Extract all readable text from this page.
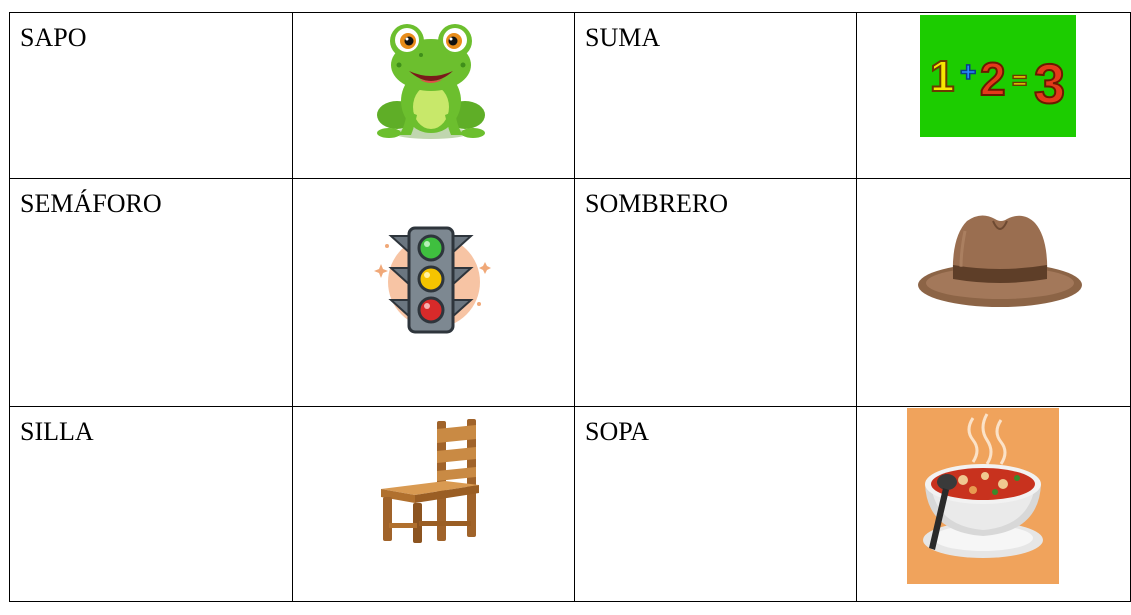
SAPO		SUMA	1 + 2 = 3

SEMÁFORO		SOMBRERO

SILLA		SOPA
